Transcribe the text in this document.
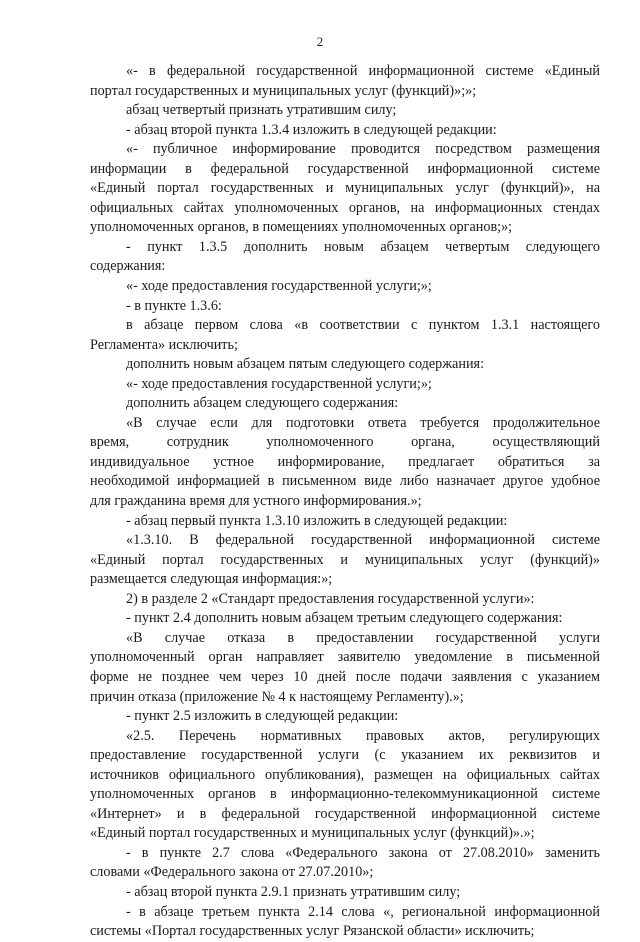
2
«- в федеральной государственной информационной системе «Единый
портал государственных и муниципальных услуг (функций)»;»;
абзац четвертый признать утратившим силу;
- абзац второй пункта 1.3.4 изложить в следующей редакции:
«- публичное информирование проводится посредством размещения
информации в федеральной государственной информационной системе
«Единый портал государственных и муниципальных услуг (функций)», на
официальных сайтах уполномоченных органов, на информационных стендах
уполномоченных органов, в помещениях уполномоченных органов;»;
- пункт 1.3.5 дополнить новым абзацем четвертым следующего
содержания:
«- ходе предоставления государственной услуги;»;
- в пункте 1.3.6:
в абзаце первом слова «в соответствии с пунктом 1.3.1 настоящего
Регламента» исключить;
дополнить новым абзацем пятым следующего содержания:
«- ходе предоставления государственной услуги;»;
дополнить абзацем следующего содержания:
«В случае если для подготовки ответа требуется продолжительное
время, сотрудник уполномоченного органа, осуществляющий
индивидуальное устное информирование, предлагает обратиться за
необходимой информацией в письменном виде либо назначает другое удобное
для гражданина время для устного информирования.»;
- абзац первый пункта 1.3.10 изложить в следующей редакции:
«1.3.10. В федеральной государственной информационной системе
«Единый портал государственных и муниципальных услуг (функций)»
размещается следующая информация:»;
2) в разделе 2 «Стандарт предоставления государственной услуги»:
- пункт 2.4 дополнить новым абзацем третьим следующего содержания:
«В случае отказа в предоставлении государственной услуги
уполномоченный орган направляет заявителю уведомление в письменной
форме не позднее чем через 10 дней после подачи заявления с указанием
причин отказа (приложение № 4 к настоящему Регламенту).»;
- пункт 2.5 изложить в следующей редакции:
«2.5. Перечень нормативных правовых актов, регулирующих
предоставление государственной услуги (с указанием их реквизитов и
источников официального опубликования), размещен на официальных сайтах
уполномоченных органов в информационно-телекоммуникационной системе
«Интернет» и в федеральной государственной информационной системе
«Единый портал государственных и муниципальных услуг (функций)».»;
- в пункте 2.7 слова «Федерального закона от 27.08.2010» заменить
словами «Федерального закона от 27.07.2010»;
- абзац второй пункта 2.9.1 признать утратившим силу;
- в абзаце третьем пункта 2.14 слова «, региональной информационной
системы «Портал государственных услуг Рязанской области» исключить;
